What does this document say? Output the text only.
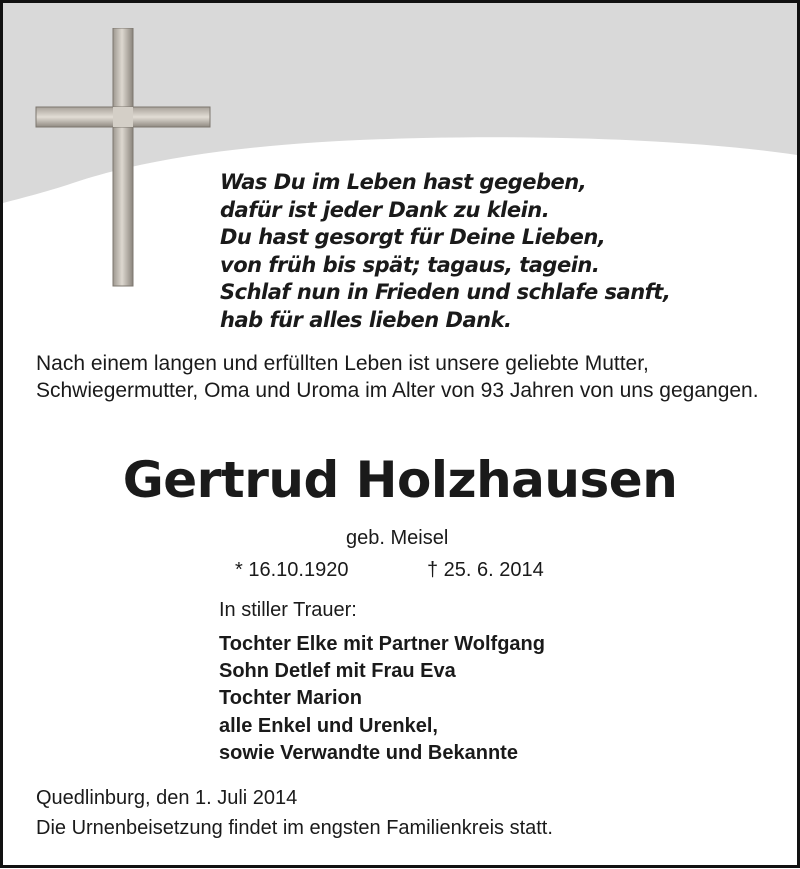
Was Du im Leben hast gegeben,
dafür ist jeder Dank zu klein.
Du hast gesorgt für Deine Lieben,
von früh bis spät; tagaus, tagein.
Schlaf nun in Frieden und schlafe sanft,
hab für alles lieben Dank.
Nach einem langen und erfüllten Leben ist unsere geliebte Mutter, Schwiegermutter, Oma und Uroma im Alter von 93 Jahren von uns gegangen.
Gertrud Holzhausen
geb. Meisel
* 16.10.1920	† 25. 6. 2014
In stiller Trauer:
Tochter Elke mit Partner Wolfgang
Sohn Detlef mit Frau Eva
Tochter Marion
alle Enkel und Urenkel,
sowie Verwandte und Bekannte
Quedlinburg, den 1. Juli 2014
Die Urnenbeisetzung findet im engsten Familienkreis statt.
